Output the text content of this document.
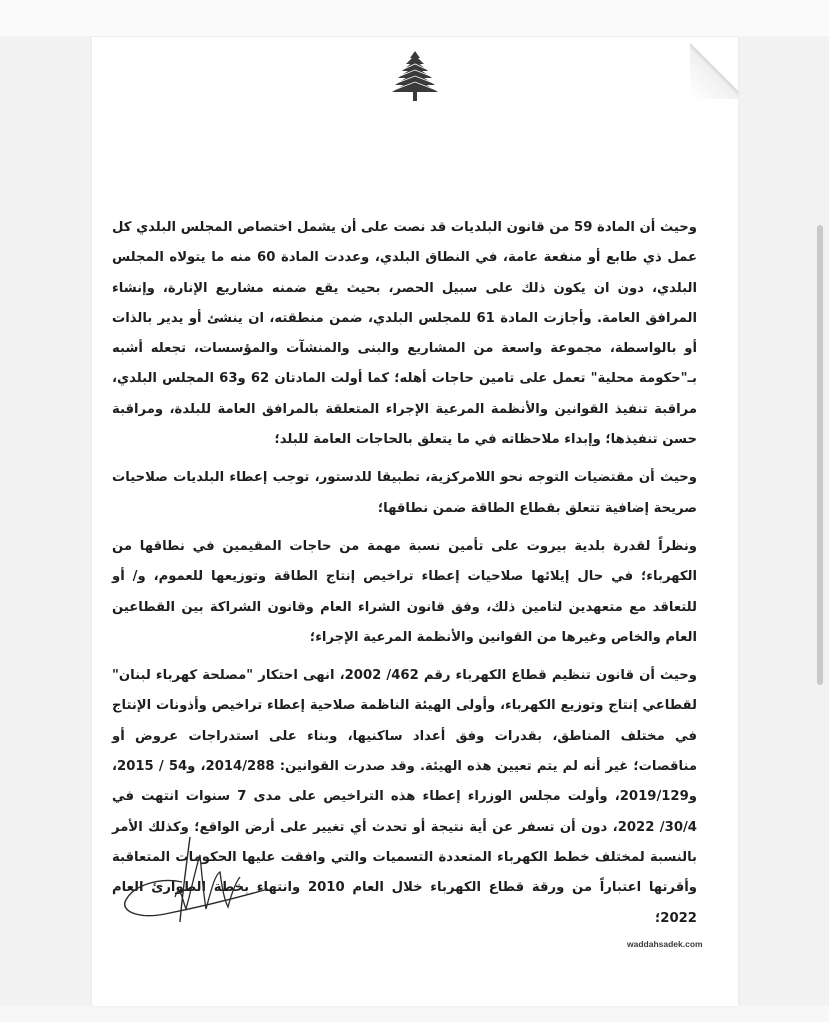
وحيث أن المادة 59 من قانون البلديات قد نصت على أن يشمل اختصاص المجلس البلدي كل عمل ذي طابع أو منفعة عامة، في النطاق البلدي، وعددت المادة 60 منه ما يتولاه المجلس البلدي، دون ان يكون ذلك على سبيل الحصر، بحيث يقع ضمنه مشاريع الإنارة، وإنشاء المرافق العامة. وأجازت المادة 61 للمجلس البلدي، ضمن منطقته، ان ينشئ أو يدير بالذات أو بالواسطة، مجموعة واسعة من المشاريع والبنى والمنشآت والمؤسسات، تجعله أشبه بـ"حكومة محلية" تعمل على تامين حاجات أهله؛ كما أولت المادتان 62 و63 المجلس البلدي، مراقبة تنفيذ القوانين والأنظمة المرعية الإجراء المتعلقة بالمرافق العامة للبلدة، ومراقبة حسن تنفيذها؛ وإبداء ملاحظاته في ما يتعلق بالحاجات العامة للبلد؛

وحيث أن مقتضيات التوجه نحو اللامركزية، تطبيقا للدستور، توجب إعطاء البلديات صلاحيات صريحة إضافية تتعلق بقطاع الطاقة ضمن نطاقها؛

ونظراً لقدرة بلدية بيروت على تأمين نسبة مهمة من حاجات المقيمين في نطاقها من الكهرباء؛ في حال إيلائها صلاحيات إعطاء تراخيص إنتاج الطاقة وتوزيعها للعموم، و/ أو للتعاقد مع متعهدين لتامين ذلك، وفق قانون الشراء العام وقانون الشراكة بين القطاعين العام والخاص وغيرها من القوانين والأنظمة المرعية الإجراء؛

وحيث أن قانون تنظيم قطاع الكهرباء رقم 462/ 2002، انهى احتكار "مصلحة كهرباء لبنان" لقطاعي إنتاج وتوزيع الكهرباء، وأولى الهيئة الناظمة صلاحية إعطاء تراخيص وأذونات الإنتاج في مختلف المناطق، بقدرات وفق أعداد ساكنيها، وبناء على استدراجات عروض أو مناقصات؛ غير أنه لم يتم تعيين هذه الهيئة. وقد صدرت القوانين: 2014/288، و54 / 2015، و2019/129، وأولت مجلس الوزراء إعطاء هذه التراخيص على مدى 7 سنوات انتهت في 30/4/ 2022، دون أن تسفر عن أية نتيجة أو تحدث أي تغيير على أرض الواقع؛ وكذلك الأمر بالنسبة لمختلف خطط الكهرباء المتعددة التسميات والتي وافقت عليها الحكومات المتعاقبة وأقرتها اعتباراً من ورقة قطاع الكهرباء خلال العام 2010 وانتهاء بخطة الطوارئ العام 2022؛

waddahsadek.com
